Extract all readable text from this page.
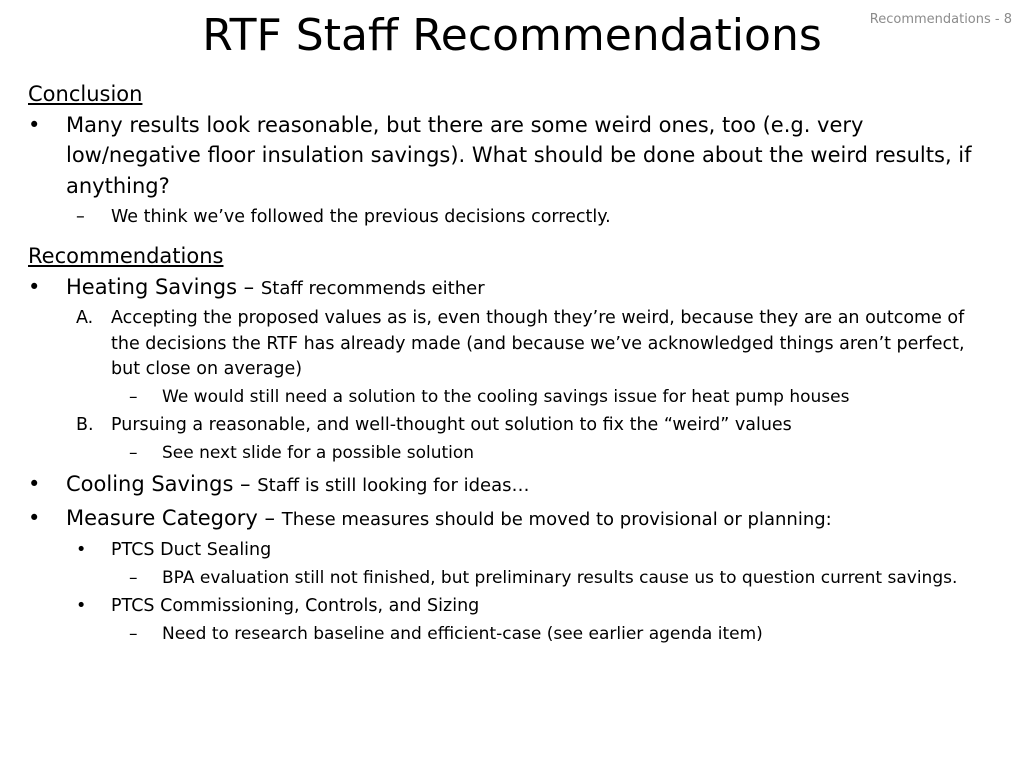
Recommendations - 8
RTF Staff Recommendations
Conclusion
• Many results look reasonable, but there are some weird ones, too (e.g. very low/negative floor insulation savings). What should be done about the weird results, if anything?
– We think we’ve followed the previous decisions correctly.
Recommendations
• Heating Savings – Staff recommends either
A. Accepting the proposed values as is, even though they’re weird, because they are an outcome of the decisions the RTF has already made (and because we’ve acknowledged things aren’t perfect, but close on average)
– We would still need a solution to the cooling savings issue for heat pump houses
B. Pursuing a reasonable, and well-thought out solution to fix the “weird” values
– See next slide for a possible solution
• Cooling Savings – Staff is still looking for ideas…
• Measure Category – These measures should be moved to provisional or planning:
• PTCS Duct Sealing
– BPA evaluation still not finished, but preliminary results cause us to question current savings.
• PTCS Commissioning, Controls, and Sizing
– Need to research baseline and efficient-case (see earlier agenda item)
